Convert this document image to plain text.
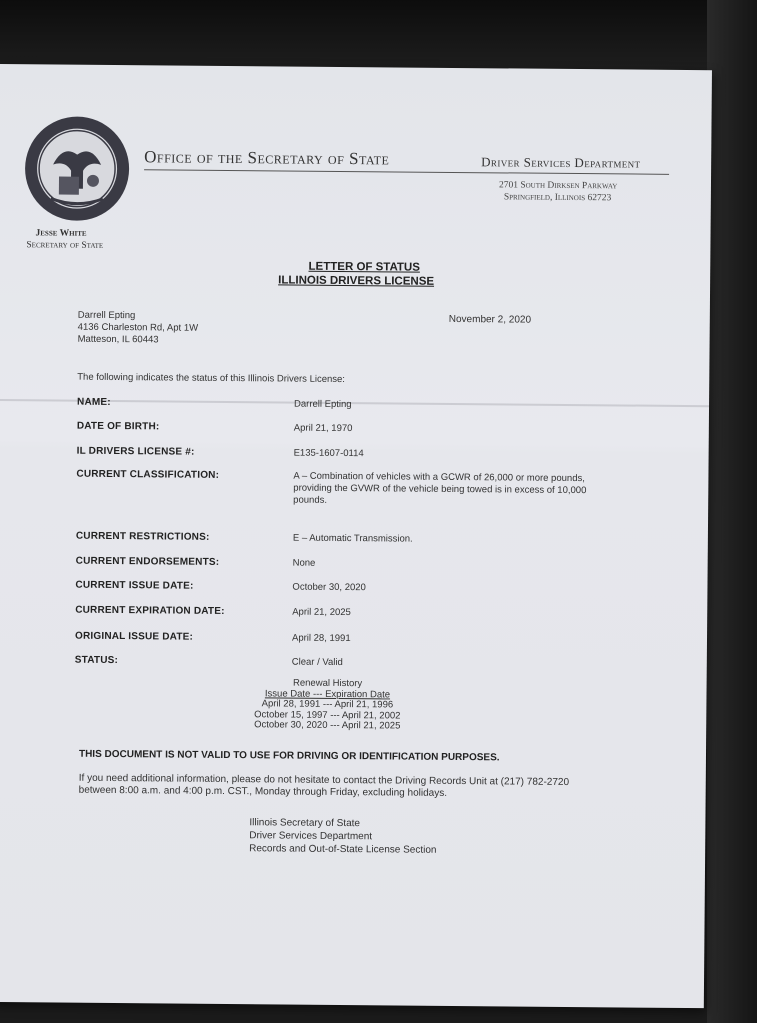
Office of the Secretary of State	Driver Services Department
2701 South Dirksen Parkway
Springfield, Illinois 62723
Jesse White
Secretary of State
LETTER OF STATUS
ILLINOIS DRIVERS LICENSE
Darrell Epting
4136 Charleston Rd, Apt 1W
Matteson, IL 60443
November 2, 2020
The following indicates the status of this Illinois Drivers License:
NAME:	Darrell Epting
DATE OF BIRTH:	April 21, 1970
IL DRIVERS LICENSE #:	E135-1607-0114
CURRENT CLASSIFICATION:	A – Combination of vehicles with a GCWR of 26,000 or more pounds, providing the GVWR of the vehicle being towed is in excess of 10,000 pounds.
CURRENT RESTRICTIONS:	E – Automatic Transmission.
CURRENT ENDORSEMENTS:	None
CURRENT ISSUE DATE:	October 30, 2020
CURRENT EXPIRATION DATE:	April 21, 2025
ORIGINAL ISSUE DATE:	April 28, 1991
STATUS:	Clear / Valid
Renewal History
Issue Date --- Expiration Date
April 28, 1991 --- April 21, 1996
October 15, 1997 --- April 21, 2002
October 30, 2020 --- April 21, 2025
THIS DOCUMENT IS NOT VALID TO USE FOR DRIVING OR IDENTIFICATION PURPOSES.
If you need additional information, please do not hesitate to contact the Driving Records Unit at (217) 782-2720 between 8:00 a.m. and 4:00 p.m. CST., Monday through Friday, excluding holidays.
Illinois Secretary of State
Driver Services Department
Records and Out-of-State License Section
